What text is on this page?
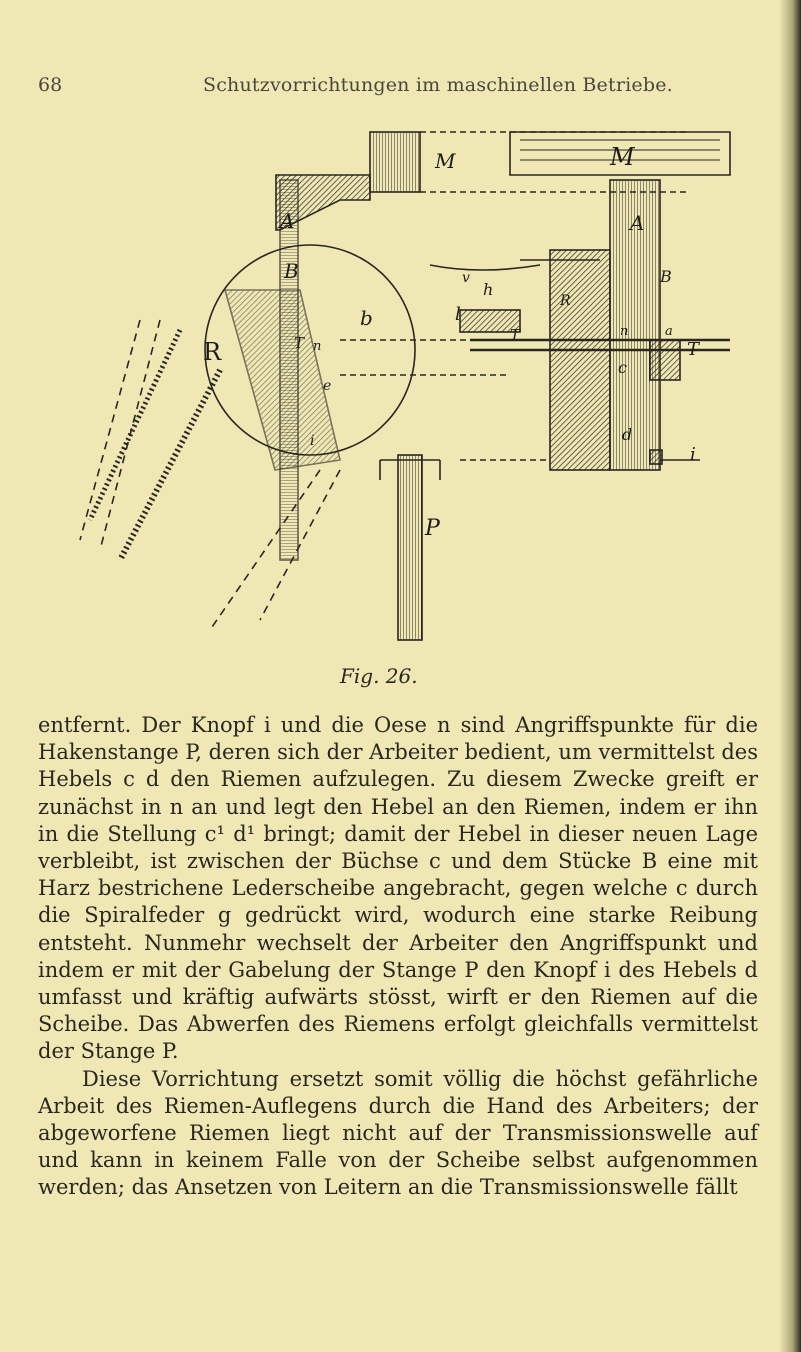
68	Schutzvorrichtungen im maschinellen Betriebe.
M	M
A	A
B	B
R
R
b
T	T
T
n
n
e
i
i
c
d
l
h
P
v
a
Fig. 26.

entfernt. Der Knopf i und die Oese n sind Angriffspunkte für die Hakenstange P, deren sich der Arbeiter bedient, um vermittelst des Hebels c d den Riemen aufzulegen. Zu diesem Zwecke greift er zunächst in n an und legt den Hebel an den Riemen, indem er ihn in die Stellung c¹ d¹ bringt; damit der Hebel in dieser neuen Lage verbleibt, ist zwischen der Büchse c und dem Stücke B eine mit Harz bestrichene Lederscheibe angebracht, gegen welche c durch die Spiralfeder g gedrückt wird, wodurch eine starke Reibung entsteht. Nunmehr wechselt der Arbeiter den Angriffspunkt und indem er mit der Gabelung der Stange P den Knopf i des Hebels d umfasst und kräftig aufwärts stösst, wirft er den Riemen auf die Scheibe. Das Abwerfen des Riemens erfolgt gleichfalls vermittelst der Stange P.

Diese Vorrichtung ersetzt somit völlig die höchst gefährliche Arbeit des Riemen-Auflegens durch die Hand des Arbeiters; der abgeworfene Riemen liegt nicht auf der Transmissionswelle auf und kann in keinem Falle von der Scheibe selbst aufgenommen werden; das Ansetzen von Leitern an die Transmissionswelle fällt
